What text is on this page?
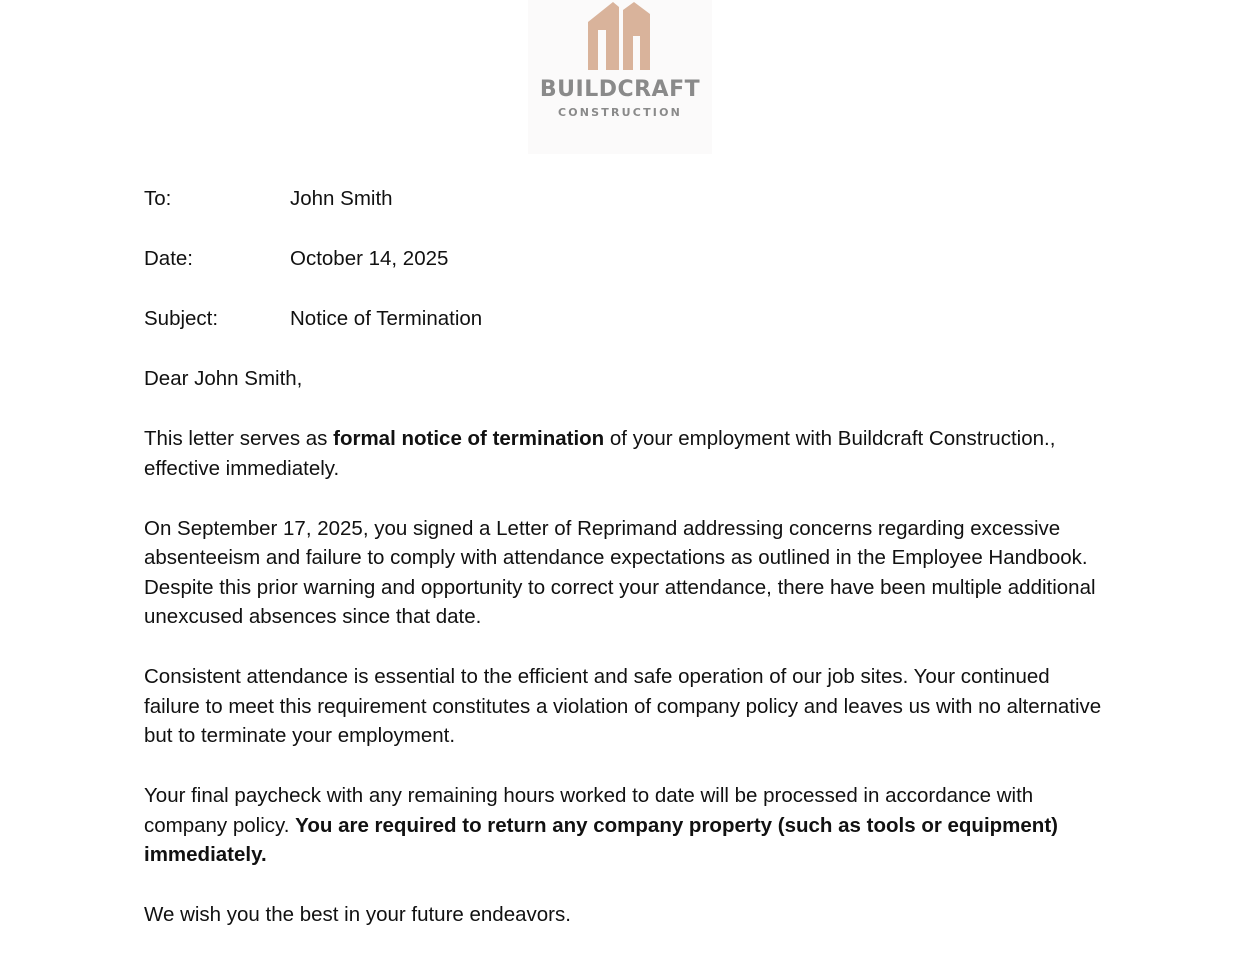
BUILDCRAFT
CONSTRUCTION
To:	John Smith
Date:	October 14, 2025
Subject:	Notice of Termination
Dear John Smith,
This letter serves as formal notice of termination of your employment with Buildcraft Construction., effective immediately.
On September 17, 2025, you signed a Letter of Reprimand addressing concerns regarding excessive absenteeism and failure to comply with attendance expectations as outlined in the Employee Handbook. Despite this prior warning and opportunity to correct your attendance, there have been multiple additional unexcused absences since that date.
Consistent attendance is essential to the efficient and safe operation of our job sites. Your continued failure to meet this requirement constitutes a violation of company policy and leaves us with no alternative but to terminate your employment.
Your final paycheck with any remaining hours worked to date will be processed in accordance with company policy. You are required to return any company property (such as tools or equipment) immediately.
We wish you the best in your future endeavors.
